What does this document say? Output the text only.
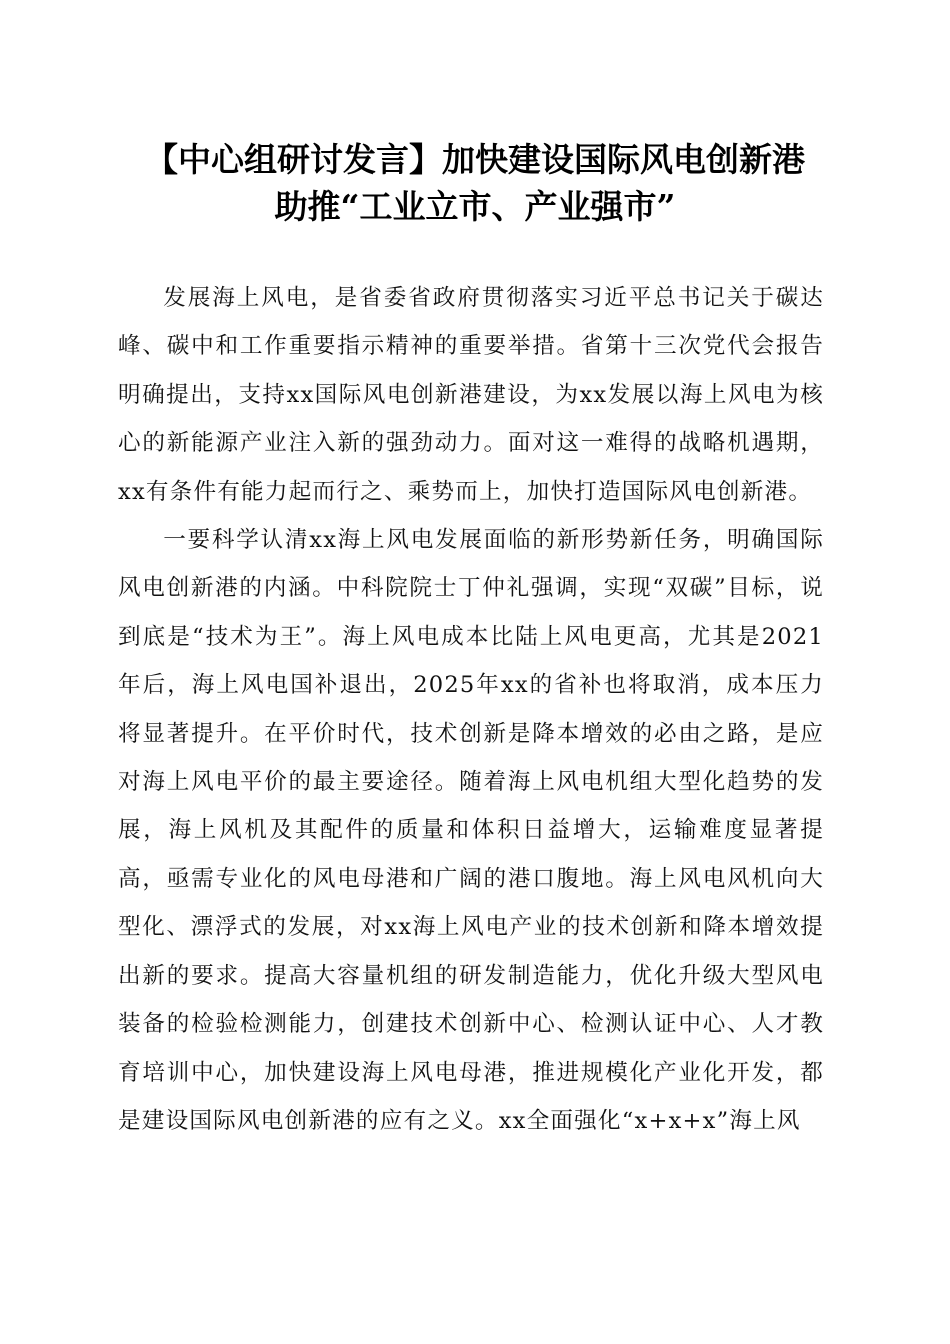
【中心组研讨发言】加快建设国际风电创新港
助推“工业立市、产业强市”

发展海上风电，是省委省政府贯彻落实习近平总书记关于碳达峰、碳中和工作重要指示精神的重要举措。省第十三次党代会报告明确提出，支持xx国际风电创新港建设，为xx发展以海上风电为核心的新能源产业注入新的强劲动力。面对这一难得的战略机遇期，xx有条件有能力起而行之、乘势而上，加快打造国际风电创新港。

一要科学认清xx海上风电发展面临的新形势新任务，明确国际风电创新港的内涵。中科院院士丁仲礼强调，实现“双碳”目标，说到底是“技术为王”。海上风电成本比陆上风电更高，尤其是2021年后，海上风电国补退出，2025年xx的省补也将取消，成本压力将显著提升。在平价时代，技术创新是降本增效的必由之路，是应对海上风电平价的最主要途径。随着海上风电机组大型化趋势的发展，海上风机及其配件的质量和体积日益增大，运输难度显著提高，亟需专业化的风电母港和广阔的港口腹地。海上风电风机向大型化、漂浮式的发展，对xx海上风电产业的技术创新和降本增效提出新的要求。提高大容量机组的研发制造能力，优化升级大型风电装备的检验检测能力，创建技术创新中心、检测认证中心、人才教育培训中心，加快建设海上风电母港，推进规模化产业化开发，都是建设国际风电创新港的应有之义。xx全面强化“x+x+x”海上风
